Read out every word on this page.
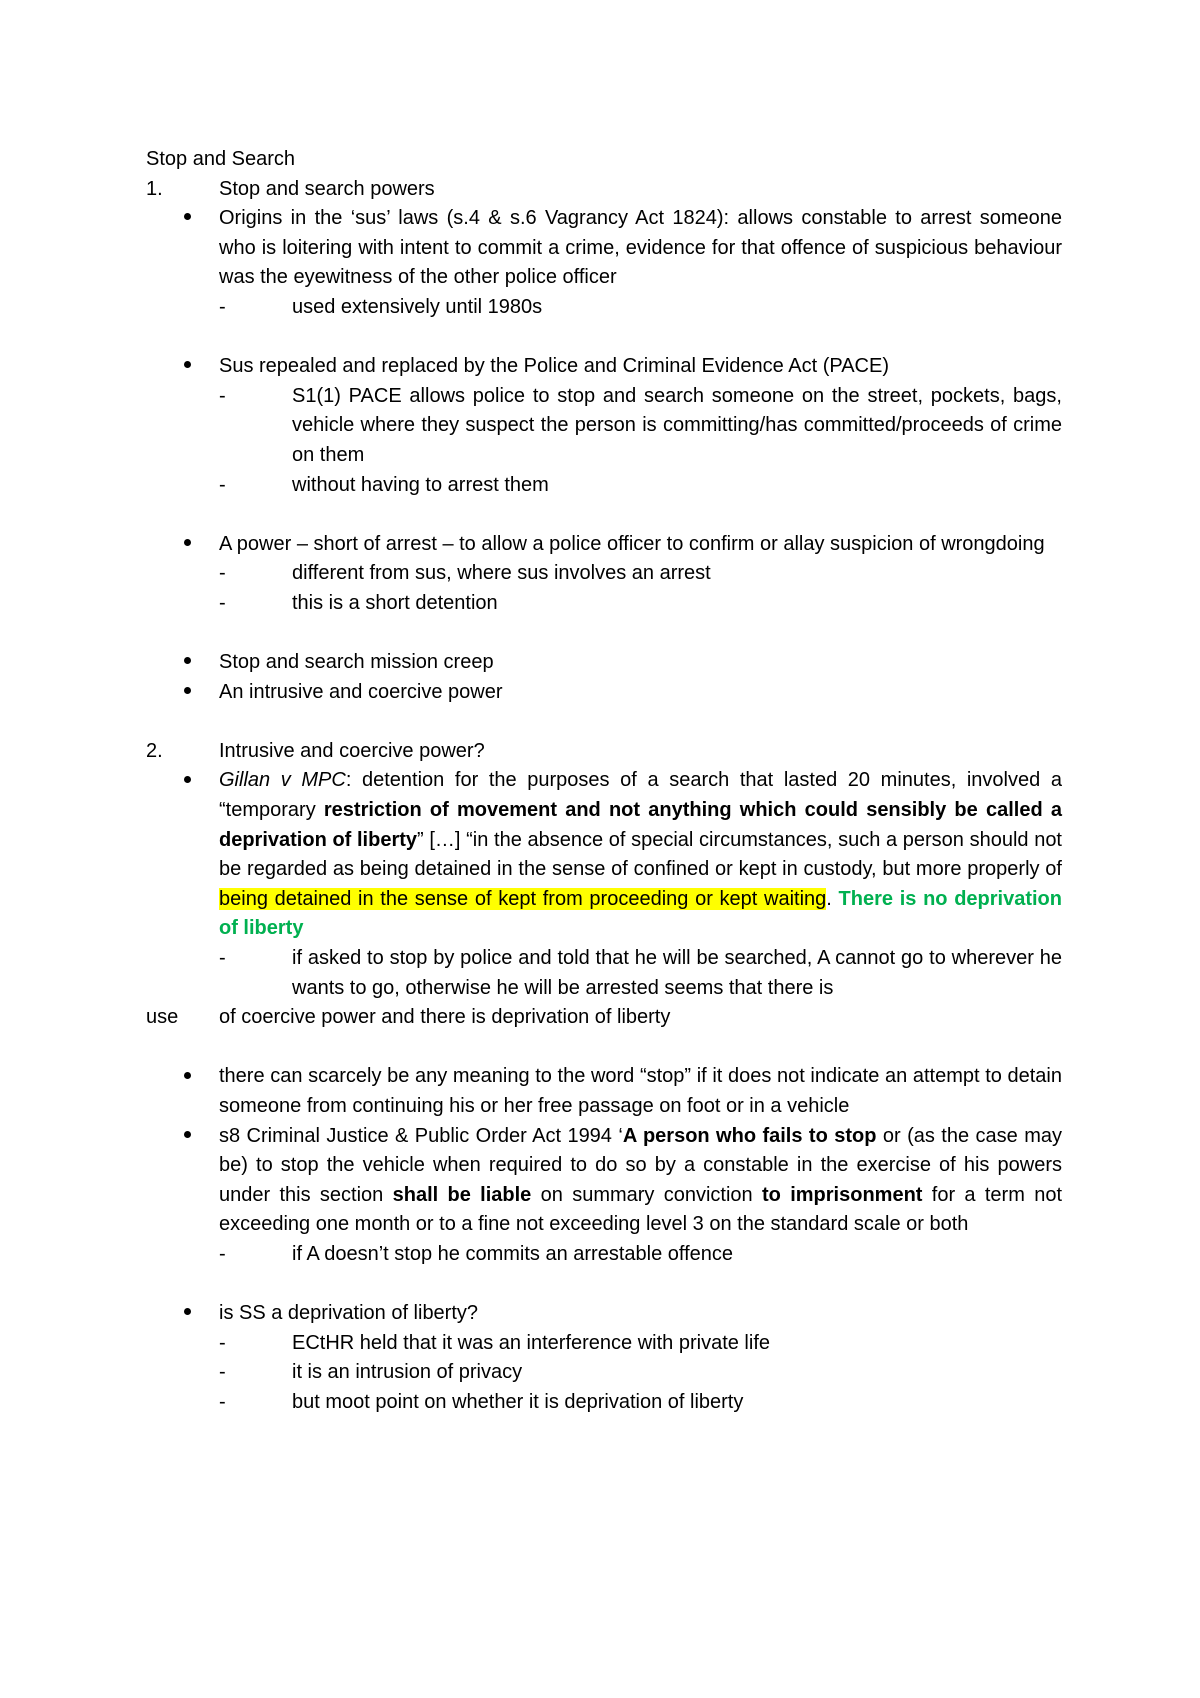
Stop and Search

1.	Stop and search powers
Origins in the ‘sus’ laws (s.4 & s.6 Vagrancy Act 1824): allows constable to arrest someone who is loitering with intent to commit a crime, evidence for that offence of suspicious behaviour was the eyewitness of the other police officer
-	used extensively until 1980s
Sus repealed and replaced by the Police and Criminal Evidence Act (PACE)
-	S1(1) PACE allows police to stop and search someone on the street, pockets, bags, vehicle where they suspect the person is committing/has committed/proceeds of crime on them
-	without having to arrest them
A power – short of arrest – to allow a police officer to confirm or allay suspicion of wrongdoing
-	different from sus, where sus involves an arrest
-	this is a short detention
Stop and search mission creep
An intrusive and coercive power
2.	Intrusive and coercive power?
Gillan v MPC: detention for the purposes of a search that lasted 20 minutes, involved a “temporary restriction of movement and not anything which could sensibly be called a deprivation of liberty” […] “in the absence of special circumstances, such a person should not be regarded as being detained in the sense of confined or kept in custody, but more properly of being detained in the sense of kept from proceeding or kept waiting. There is no deprivation of liberty
-	if asked to stop by police and told that he will be searched, A cannot go to wherever he wants to go, otherwise he will be arrested seems that there is
use	of coercive power and there is deprivation of liberty
there can scarcely be any meaning to the word “stop” if it does not indicate an attempt to detain someone from continuing his or her free passage on foot or in a vehicle
s8 Criminal Justice & Public Order Act 1994 ‘A person who fails to stop or (as the case may be) to stop the vehicle when required to do so by a constable in the exercise of his powers under this section shall be liable on summary conviction to imprisonment for a term not exceeding one month or to a fine not exceeding level 3 on the standard scale or both
-	if A doesn’t stop he commits an arrestable offence
is SS a deprivation of liberty?
-	ECtHR held that it was an interference with private life
-	it is an intrusion of privacy
-	but moot point on whether it is deprivation of liberty
